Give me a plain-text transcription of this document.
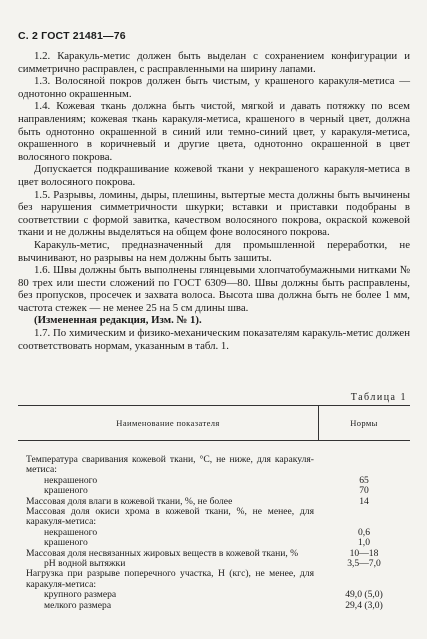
С. 2 ГОСТ 21481—76

1.2. Каракуль-метис должен быть выделан с сохранением конфигурации и симметрично расправлен, с расправленными на ширину лапами.

1.3. Волосяной покров должен быть чистым, у крашеного каракуля-метиса — однотонно окрашенным.

1.4. Кожевая ткань должна быть чистой, мягкой и давать потяжку по всем направлениям; кожевая ткань каракуля-метиса, крашеного в черный цвет, должна быть однотонно окрашенной в синий или темно-синий цвет, у каракуля-метиса, окрашенного в коричневый и другие цвета, однотонно окрашенной в цвет волосяного покрова.

Допускается подкрашивание кожевой ткани у некрашеного каракуля-метиса в цвет волосяного покрова.

1.5. Разрывы, ломины, дыры, плешины, вытертые места должны быть вычинены без нарушения симметричности шкурки; вставки и приставки подобраны в соответствии с формой завитка, качеством волосяного покрова, окраской кожевой ткани и не должны выделяться на общем фоне волосяного покрова.

Каракуль-метис, предназначенный для промышленной переработки, не вычинивают, но разрывы на нем должны быть зашиты.

1.6. Швы должны быть выполнены глянцевыми хлопчатобумажными нитками № 80 трех или шести сложений по ГОСТ 6309—80. Швы должны быть расправлены, без пропусков, просечек и захвата волоса. Высота шва должна быть не более 1 мм, частота стежек — не менее 25 на 5 см длины шва.

(Измененная редакция, Изм. № 1).

1.7. По химическим и физико-механическим показателям каракуль-метис должен соответствовать нормам, указанным в табл. 1.

Таблица 1
Наименование показателя	Нормы
Температура сваривания кожевой ткани, °С, не ниже, для каракуля-метиса:
некрашеного	65
крашеного	70
Массовая доля влаги в кожевой ткани, %, не более	14
Массовая доля окиси хрома в кожевой ткани, %, не менее, для каракуля-метиса:
некрашеного	0,6
крашеного	1,0
Массовая доля несвязанных жировых веществ в кожевой ткани, %	10—18
pH водной вытяжки	3,5—7,0
Нагрузка при разрыве поперечного участка, Н (кгс), не менее, для каракуля-метиса:
крупного размера	49,0 (5,0)
мелкого размера	29,4 (3,0)
